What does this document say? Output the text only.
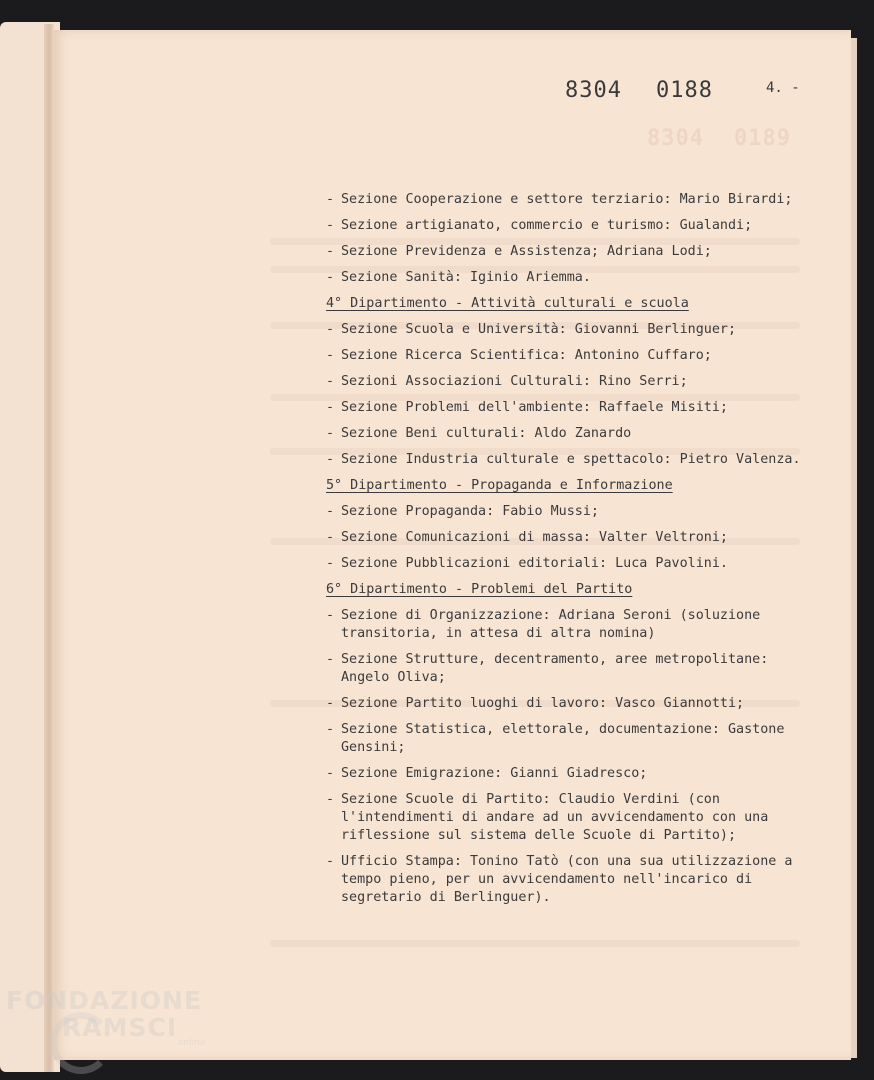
8304 0189
8304 0188	4. -
- Sezione Cooperazione e settore terziario: Mario Birardi;
- Sezione artigianato, commercio e turismo: Gualandi;
- Sezione Previdenza e Assistenza; Adriana Lodi;
- Sezione Sanità: Iginio Ariemma.
4° Dipartimento - Attività culturali e scuola
- Sezione Scuola e Università: Giovanni Berlinguer;
- Sezione Ricerca Scientifica: Antonino Cuffaro;
- Sezioni Associazioni Culturali: Rino Serri;
- Sezione Problemi dell'ambiente: Raffaele Misiti;
- Sezione Beni culturali: Aldo Zanardo
- Sezione Industria culturale e spettacolo: Pietro Valenza.
5° Dipartimento - Propaganda e Informazione
- Sezione Propaganda: Fabio Mussi;
- Sezione Comunicazioni di massa: Valter Veltroni;
- Sezione Pubblicazioni editoriali: Luca Pavolini.
6° Dipartimento - Problemi del Partito
- Sezione di Organizzazione: Adriana Seroni (soluzione transitoria, in attesa di altra nomina)
- Sezione Strutture, decentramento, aree metropolitane: Angelo Oliva;
- Sezione Partito luoghi di lavoro: Vasco Giannotti;
- Sezione Statistica, elettorale, documentazione: Gastone Gensini;
- Sezione Emigrazione: Gianni Giadresco;
- Sezione Scuole di Partito: Claudio Verdini (con l'intendimenti di andare ad un avvicendamento con una riflessione sul sistema delle Scuole di Partito);
- Ufficio Stampa: Tonino Tatò (con una sua utilizzazione a tempo pieno, per un avvicendamento nell'incarico di segretario di Berlinguer).
FONDAZIONE
RAMSCI
online
